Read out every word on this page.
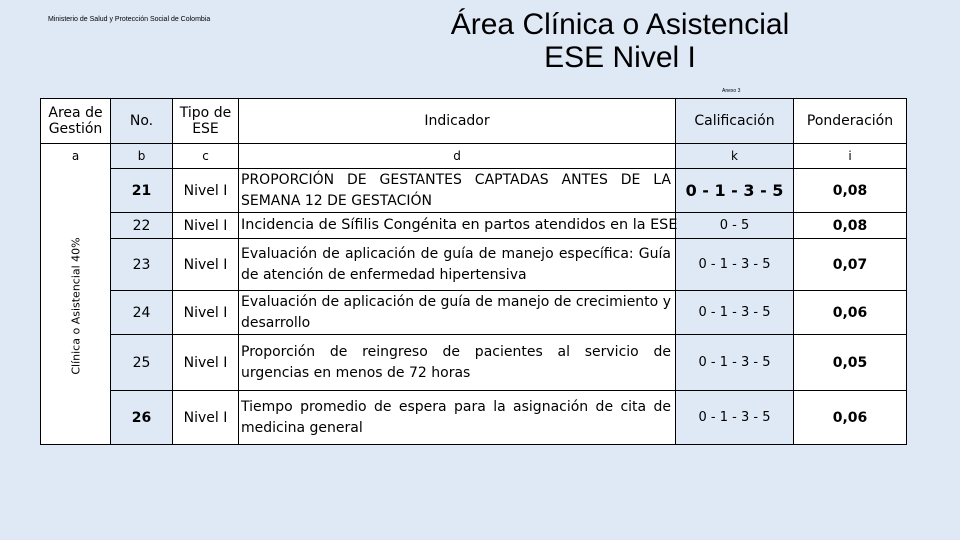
Ministerio de Salud y Protección Social de Colombia	Área Clínica o Asistencial
ESE Nivel I
Anexo 3
Area de Gestión	No.	Tipo de ESE	Indicador	Calificación	Ponderación
a	b	c	d	k	i

Clínica o Asistencial 40%	21	Nivel I	PROPORCIÓN DE GESTANTES CAPTADAS ANTES DE LA SEMANA 12 DE GESTACIÓN	0 - 1 - 3 - 5	0,08
	22	Nivel I	Incidencia de Sífilis Congénita en partos atendidos en la ESE	0 - 5	0,08
	23	Nivel I	Evaluación de aplicación de guía de manejo específica: Guía de atención de enfermedad hipertensiva	0 - 1 - 3 - 5	0,07
	24	Nivel I	Evaluación de aplicación de guía de manejo de crecimiento y desarrollo	0 - 1 - 3 - 5	0,06
	25	Nivel I	Proporción de reingreso de pacientes al servicio de urgencias en menos de 72 horas	0 - 1 - 3 - 5	0,05
	26	Nivel I	Tiempo promedio de espera para la asignación de cita de medicina general	0 - 1 - 3 - 5	0,06
